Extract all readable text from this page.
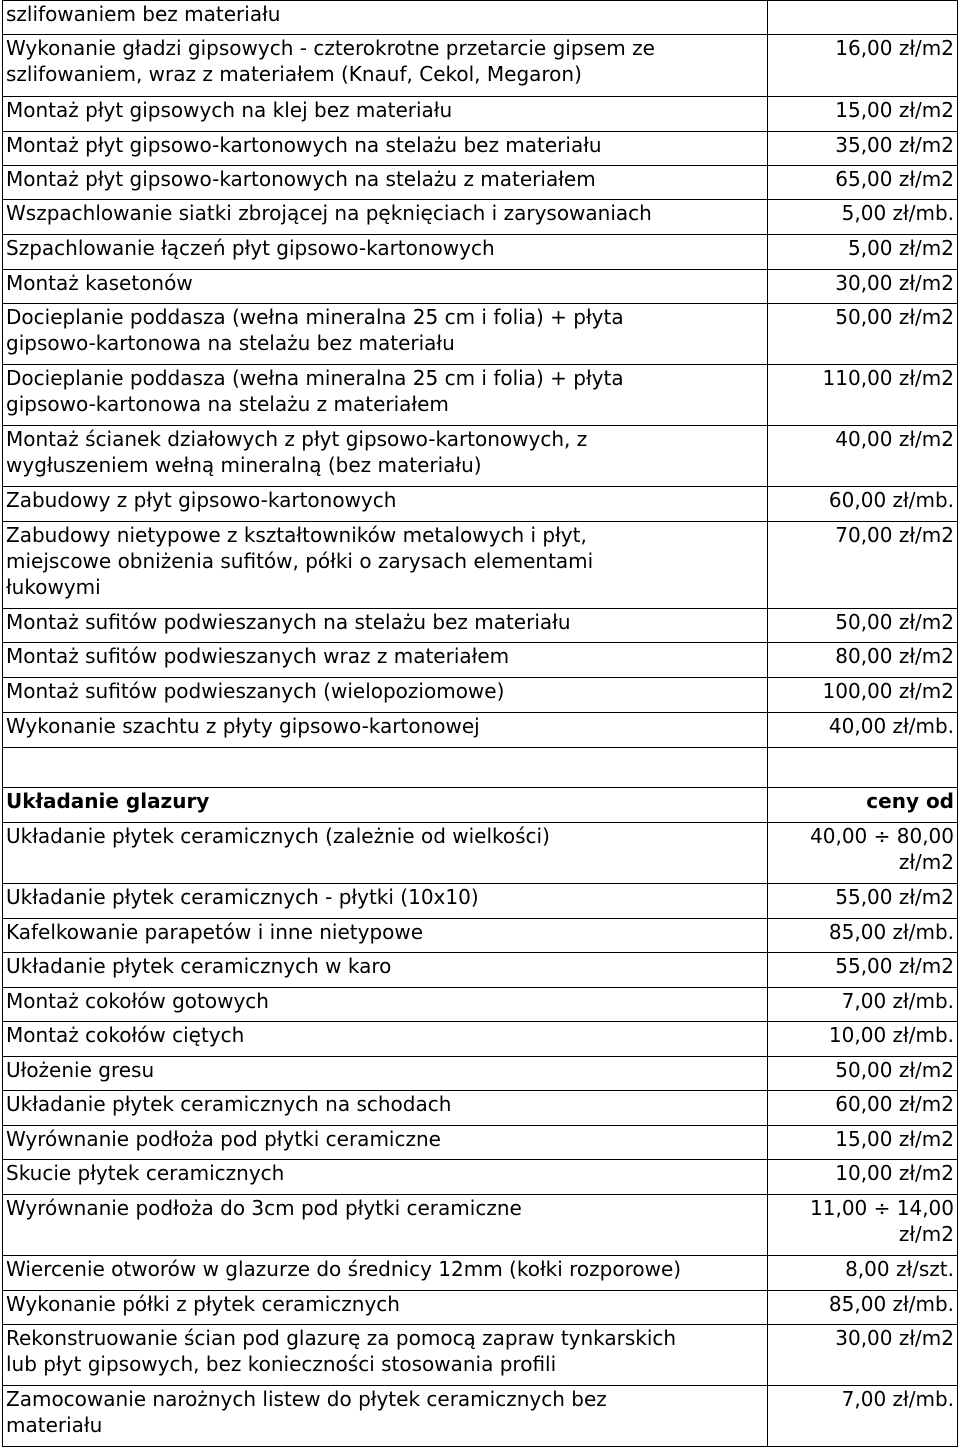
szlifowaniem bez materiału	

Wykonanie gładzi gipsowych - czterokrotne przetarcie gipsem ze
szlifowaniem, wraz z materiałem (Knauf, Cekol, Megaron)	16,00 zł/m2
Montaż płyt gipsowych na klej bez materiału	15,00 zł/m2
Montaż płyt gipsowo-kartonowych na stelażu bez materiału	35,00 zł/m2
Montaż płyt gipsowo-kartonowych na stelażu z materiałem	65,00 zł/m2
Wszpachlowanie siatki zbrojącej na pęknięciach i zarysowaniach	5,00 zł/mb.
Szpachlowanie łączeń płyt gipsowo-kartonowych	5,00 zł/m2
Montaż kasetonów	30,00 zł/m2

Docieplanie poddasza (wełna mineralna 25 cm i folia) + płyta
gipsowo-kartonowa na stelażu bez materiału	50,00 zł/m2

Docieplanie poddasza (wełna mineralna 25 cm i folia) + płyta
gipsowo-kartonowa na stelażu z materiałem	110,00 zł/m2

Montaż ścianek działowych z płyt gipsowo-kartonowych, z
wygłuszeniem wełną mineralną (bez materiału)	40,00 zł/m2
Zabudowy z płyt gipsowo-kartonowych	60,00 zł/mb.

Zabudowy nietypowe z kształtowników metalowych i płyt,
miejscowe obniżenia sufitów, półki o zarysach elementami
łukowymi	70,00 zł/m2
Montaż sufitów podwieszanych na stelażu bez materiału	50,00 zł/m2
Montaż sufitów podwieszanych wraz z materiałem	80,00 zł/m2
Montaż sufitów podwieszanych (wielopoziomowe)	100,00 zł/m2
Wykonanie szachtu z płyty gipsowo-kartonowej	40,00 zł/mb.

Układanie glazury	ceny od
Układanie płytek ceramicznych (zależnie od wielkości)	40,00 ÷ 80,00
zł/m2

Układanie płytek ceramicznych - płytki (10x10)	55,00 zł/m2
Kafelkowanie parapetów i inne nietypowe	85,00 zł/mb.
Układanie płytek ceramicznych w karo	55,00 zł/m2
Montaż cokołów gotowych	7,00 zł/mb.
Montaż cokołów ciętych	10,00 zł/mb.
Ułożenie gresu	50,00 zł/m2
Układanie płytek ceramicznych na schodach	60,00 zł/m2
Wyrównanie podłoża pod płytki ceramiczne	15,00 zł/m2
Skucie płytek ceramicznych	10,00 zł/m2
Wyrównanie podłoża do 3cm pod płytki ceramiczne	11,00 ÷ 14,00
zł/m2

Wiercenie otworów w glazurze do średnicy 12mm (kołki rozporowe)	8,00 zł/szt.
Wykonanie półki z płytek ceramicznych	85,00 zł/mb.

Rekonstruowanie ścian pod glazurę za pomocą zapraw tynkarskich
lub płyt gipsowych, bez konieczności stosowania profili	30,00 zł/m2

Zamocowanie narożnych listew do płytek ceramicznych bez
materiału	7,00 zł/mb.
